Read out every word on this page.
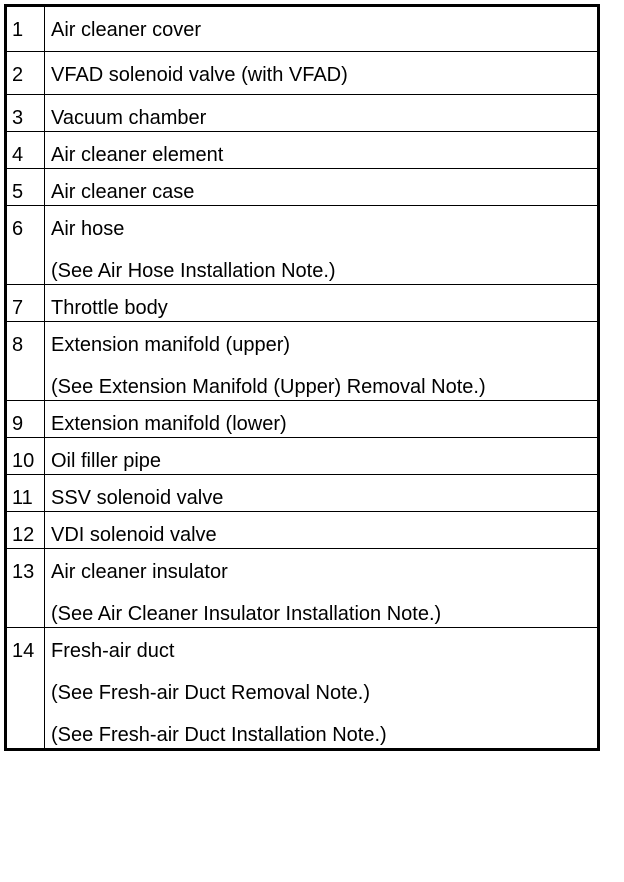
1	Air cleaner cover

2	VFAD solenoid valve (with VFAD)

3	Vacuum chamber

4	Air cleaner element

5	Air cleaner case

6	Air hose
(See Air Hose Installation Note.)

7	Throttle body

8	Extension manifold (upper)
(See Extension Manifold (Upper) Removal Note.)

9	Extension manifold (lower)

10	Oil filler pipe

11	SSV solenoid valve

12	VDI solenoid valve

13	Air cleaner insulator
(See Air Cleaner Insulator Installation Note.)

14	Fresh-air duct
(See Fresh-air Duct Removal Note.)
(See Fresh-air Duct Installation Note.)
